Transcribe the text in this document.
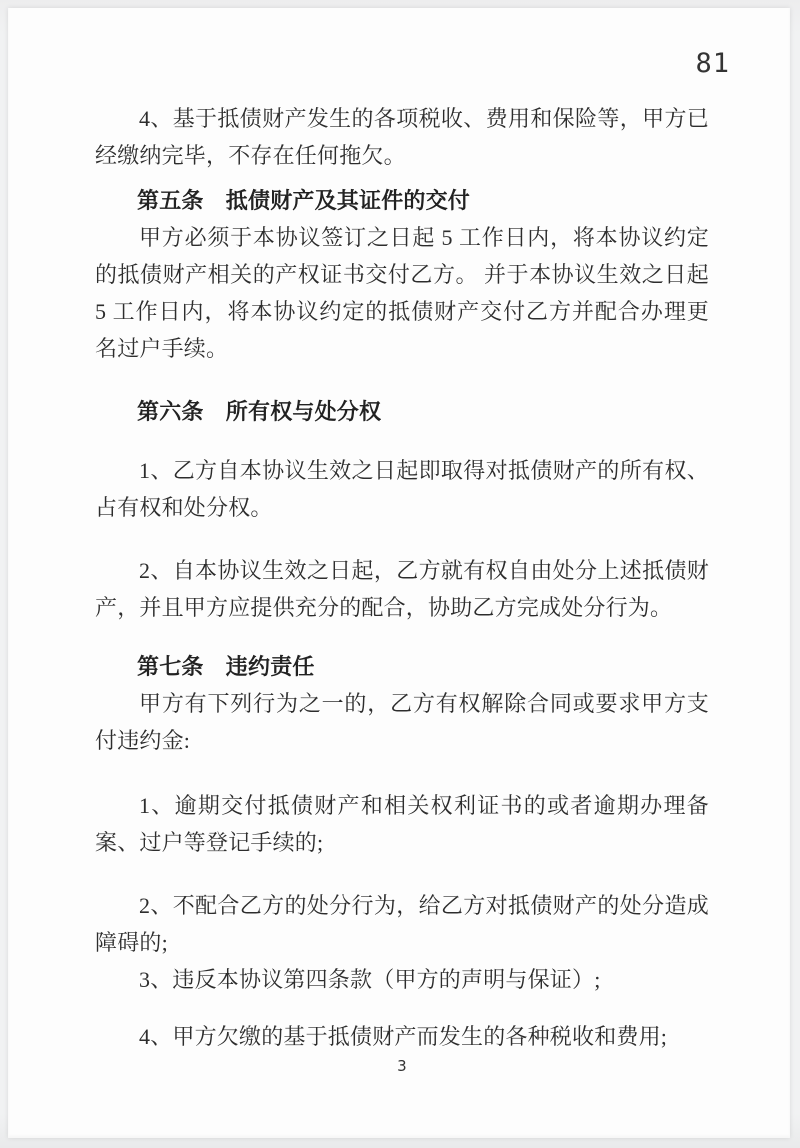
81

4、基于抵债财产发生的各项税收、费用和保险等，甲方已经缴纳完毕，不存在任何拖欠。

第五条　抵债财产及其证件的交付

甲方必须于本协议签订之日起 5 工作日内，将本协议约定的抵债财产相关的产权证书交付乙方。 并于本协议生效之日起 5 工作日内，将本协议约定的抵债财产交付乙方并配合办理更名过户手续。

第六条　所有权与处分权

1、乙方自本协议生效之日起即取得对抵债财产的所有权、占有权和处分权。

2、自本协议生效之日起，乙方就有权自由处分上述抵债财产，并且甲方应提供充分的配合，协助乙方完成处分行为。

第七条　违约责任

甲方有下列行为之一的，乙方有权解除合同或要求甲方支付违约金:

1、逾期交付抵债财产和相关权利证书的或者逾期办理备案、过户等登记手续的;

2、不配合乙方的处分行为，给乙方对抵债财产的处分造成障碍的;

3、违反本协议第四条款（甲方的声明与保证）;

4、甲方欠缴的基于抵债财产而发生的各种税收和费用;

3
